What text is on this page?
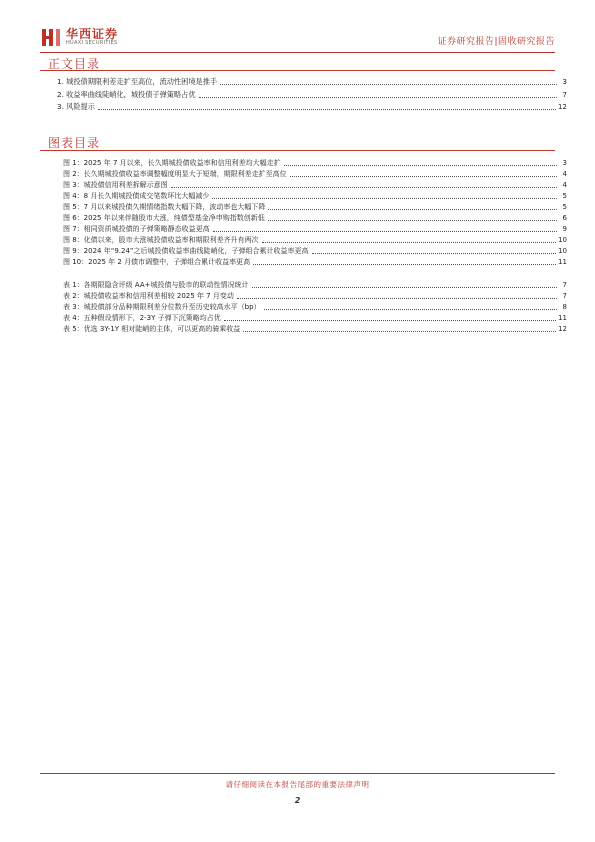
华西证券
HUAXI SECURITIES	证券研究报告|固收研究报告
正文目录
1. 城投债期限利差走扩至高位，流动性困境是推手	3
2. 收益率曲线陡峭化，城投债子弹策略占优	7
3. 风险提示	12
图表目录
图 1：2025 年 7 月以来，长久期城投债收益率和信用利差均大幅走扩	3
图 2：长久期城投债收益率调整幅度明显大于短端，期限利差走扩至高位	4
图 3：城投债信用利差拆解示意图	4
图 4：8 月长久期城投债成交笔数环比大幅减少	5
图 5：7 月以来城投债久期情绪指数大幅下降，波动率也大幅下降	5
图 6：2025 年以来伴随股市大涨，纯债型基金净申购指数创新低	6
图 7：相同资质城投债的子弹策略静态收益更高	9
图 8：化债以来，股市大涨城投债收益率和期限利差齐升有两次	10
图 9：2024 年“9.24”之后城投债收益率曲线陡峭化，子弹组合累计收益率更高	10
图 10：2025 年 2 月债市调整中，子弹组合累计收益率更高	11
表 1：各期限隐含评级 AA+城投债与股市的联动性情况统计	7
表 2：城投债收益率和信用利差相较 2025 年 7 月变动	7
表 3：城投债部分品种期限利差分位数升至历史较高水平（bp）	8
表 4：五种假设情形下，2-3Y 子弹下沉策略均占优	11
表 5：优选 3Y-1Y 相对陡峭的主体，可以更高的骑乘收益	12
请仔细阅读在本报告尾部的重要法律声明
2
